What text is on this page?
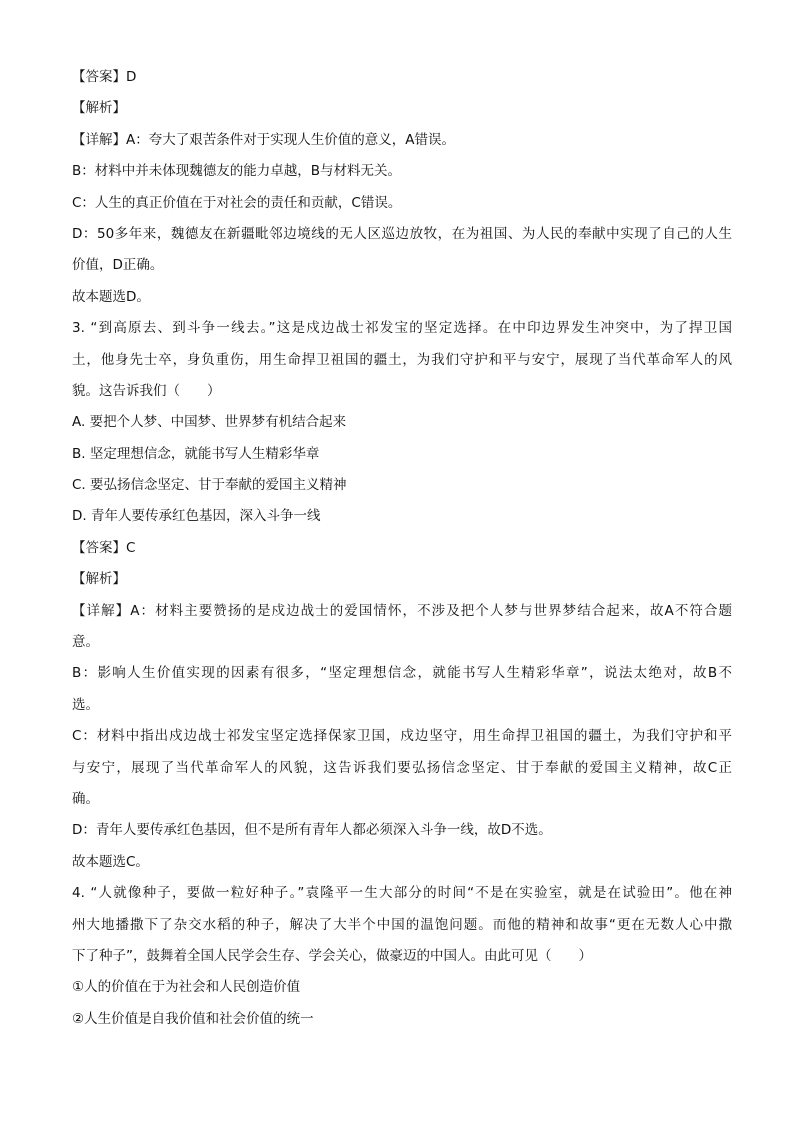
【答案】D
【解析】
【详解】A：夸大了艰苦条件对于实现人生价值的意义，A错误。
B：材料中并未体现魏德友的能力卓越，B与材料无关。
C：人生的真正价值在于对社会的责任和贡献，C错误。
D：50多年来，魏德友在新疆毗邻边境线的无人区巡边放牧，在为祖国、为人民的奉献中实现了自己的人生
价值，D正确。
故本题选D。
3. “到高原去、到斗争一线去。”这是戍边战士祁发宝的坚定选择。在中印边界发生冲突中，为了捍卫国
土，他身先士卒，身负重伤，用生命捍卫祖国的疆土，为我们守护和平与安宁，展现了当代革命军人的风
貌。这告诉我们（　　）
A. 要把个人梦、中国梦、世界梦有机结合起来
B. 坚定理想信念，就能书写人生精彩华章
C. 要弘扬信念坚定、甘于奉献的爱国主义精神
D. 青年人要传承红色基因，深入斗争一线
【答案】C
【解析】
【详解】A：材料主要赞扬的是戍边战士的爱国情怀，不涉及把个人梦与世界梦结合起来，故A不符合题
意。
B：影响人生价值实现的因素有很多，“坚定理想信念，就能书写人生精彩华章”，说法太绝对，故B不
选。
C：材料中指出戍边战士祁发宝坚定选择保家卫国，戍边坚守，用生命捍卫祖国的疆土，为我们守护和平
与安宁，展现了当代革命军人的风貌，这告诉我们要弘扬信念坚定、甘于奉献的爱国主义精神，故C正
确。
D：青年人要传承红色基因，但不是所有青年人都必须深入斗争一线，故D不选。
故本题选C。
4. “人就像种子，要做一粒好种子。”袁隆平一生大部分的时间“不是在实验室，就是在试验田”。他在神
州大地播撒下了杂交水稻的种子，解决了大半个中国的温饱问题。而他的精神和故事“更在无数人心中撒
下了种子”，鼓舞着全国人民学会生存、学会关心，做豪迈的中国人。由此可见（　　）
①人的价值在于为社会和人民创造价值
②人生价值是自我价值和社会价值的统一
